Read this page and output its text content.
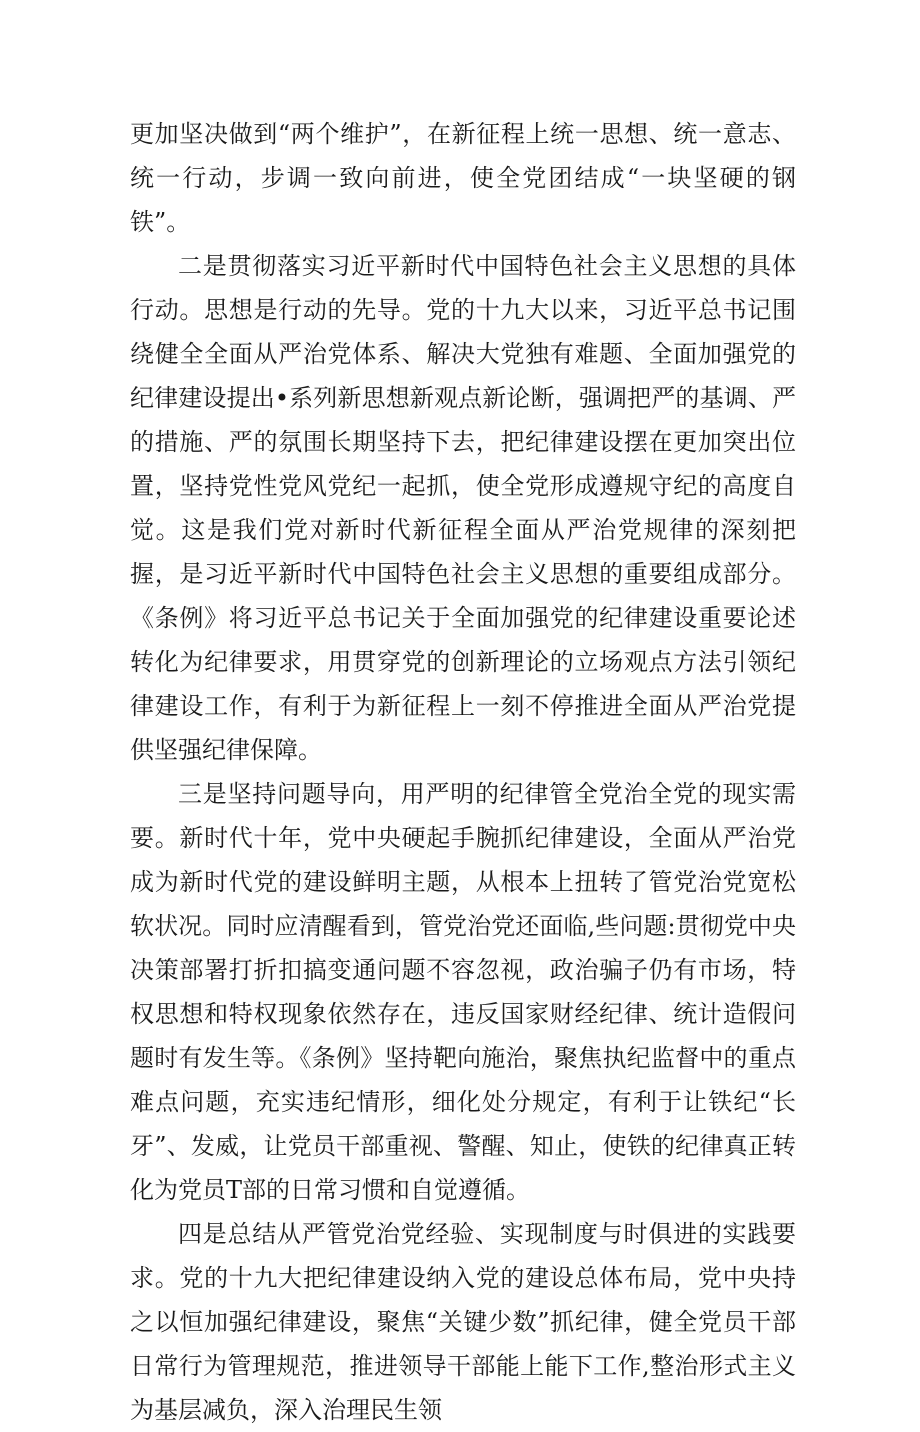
更加坚决做到“两个维护”，在新征程上统一思想、统一意志、统一行动，步调一致向前进，使全党团结成“一块坚硬的钢铁”。

二是贯彻落实习近平新时代中国特色社会主义思想的具体行动。思想是行动的先导。党的十九大以来，习近平总书记围绕健全全面从严治党体系、解决大党独有难题、全面加强党的纪律建设提出•系列新思想新观点新论断，强调把严的基调、严的措施、严的氛围长期坚持下去，把纪律建设摆在更加突出位置，坚持党性党风党纪一起抓，使全党形成遵规守纪的高度自觉。这是我们党对新时代新征程全面从严治党规律的深刻把握，是习近平新时代中国特色社会主义思想的重要组成部分。《条例》将习近平总书记关于全面加强党的纪律建设重要论述转化为纪律要求，用贯穿党的创新理论的立场观点方法引领纪律建设工作，有利于为新征程上一刻不停推进全面从严治党提供坚强纪律保障。

三是坚持问题导向，用严明的纪律管全党治全党的现实需要。新时代十年，党中央硬起手腕抓纪律建设，全面从严治党成为新时代党的建设鲜明主题，从根本上扭转了管党治党宽松软状况。同时应清醒看到，管党治党还面临,些问题:贯彻党中央决策部署打折扣搞变通问题不容忽视，政治骗子仍有市场，特权思想和特权现象依然存在，违反国家财经纪律、统计造假问题时有发生等。《条例》坚持靶向施治，聚焦执纪监督中的重点难点问题，充实违纪情形，细化处分规定，有利于让铁纪“长牙”、发威，让党员干部重视、警醒、知止，使铁的纪律真正转化为党员T部的日常习惯和自觉遵循。

四是总结从严管党治党经验、实现制度与时俱进的实践要求。党的十九大把纪律建设纳入党的建设总体布局，党中央持之以恒加强纪律建设，聚焦“关键少数”抓纪律，健全党员干部日常行为管理规范，推进领导干部能上能下工作,整治形式主义为基层减负，深入治理民生领
